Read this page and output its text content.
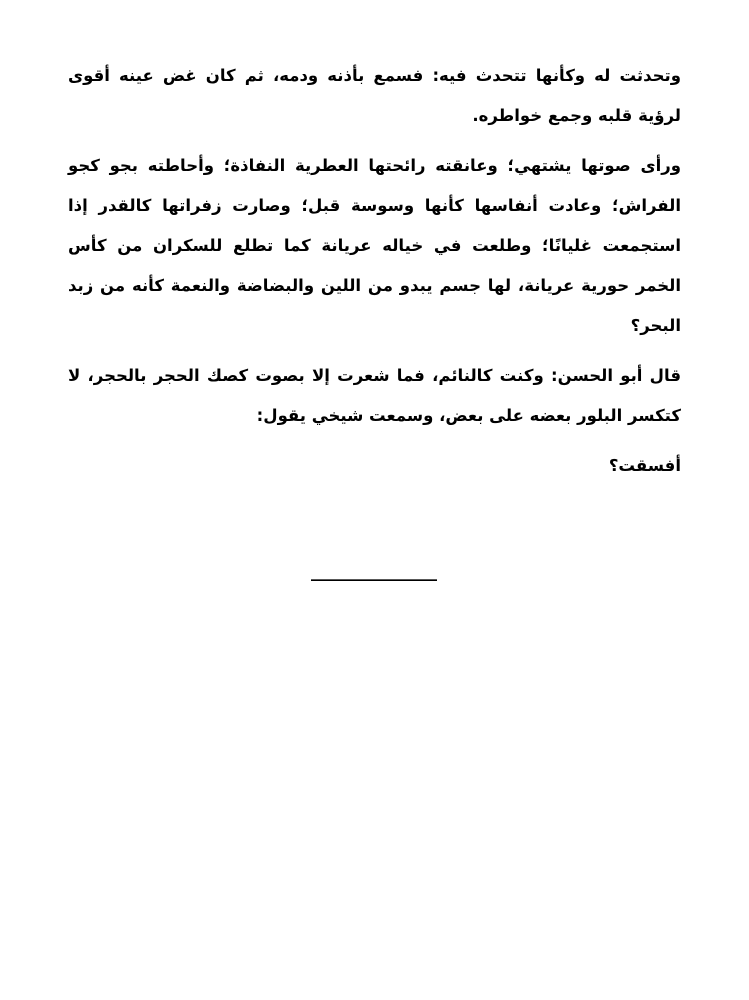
وتحدثت له وكأنها تتحدث فيه: فسمع بأذنه ودمه، ثم كان غض عينه أقوى لرؤية قلبه وجمع خواطره.

ورأى صوتها يشتهي؛ وعانقته رائحتها العطرية النفاذة؛ وأحاطته بجو كجو الفراش؛ وعادت أنفاسها كأنها وسوسة قبل؛ وصارت زفراتها كالقدر إذا استجمعت غليانًا؛ وطلعت في خياله عريانة كما تطلع للسكران من كأس الخمر حورية عريانة، لها جسم يبدو من اللين والبضاضة والنعمة كأنه من زبد البحر؟

قال أبو الحسن: وكنت كالنائم، فما شعرت إلا بصوت كصك الحجر بالحجر، لا كتكسر البلور بعضه على بعض، وسمعت شيخي يقول:

أفسقت؟

______________
